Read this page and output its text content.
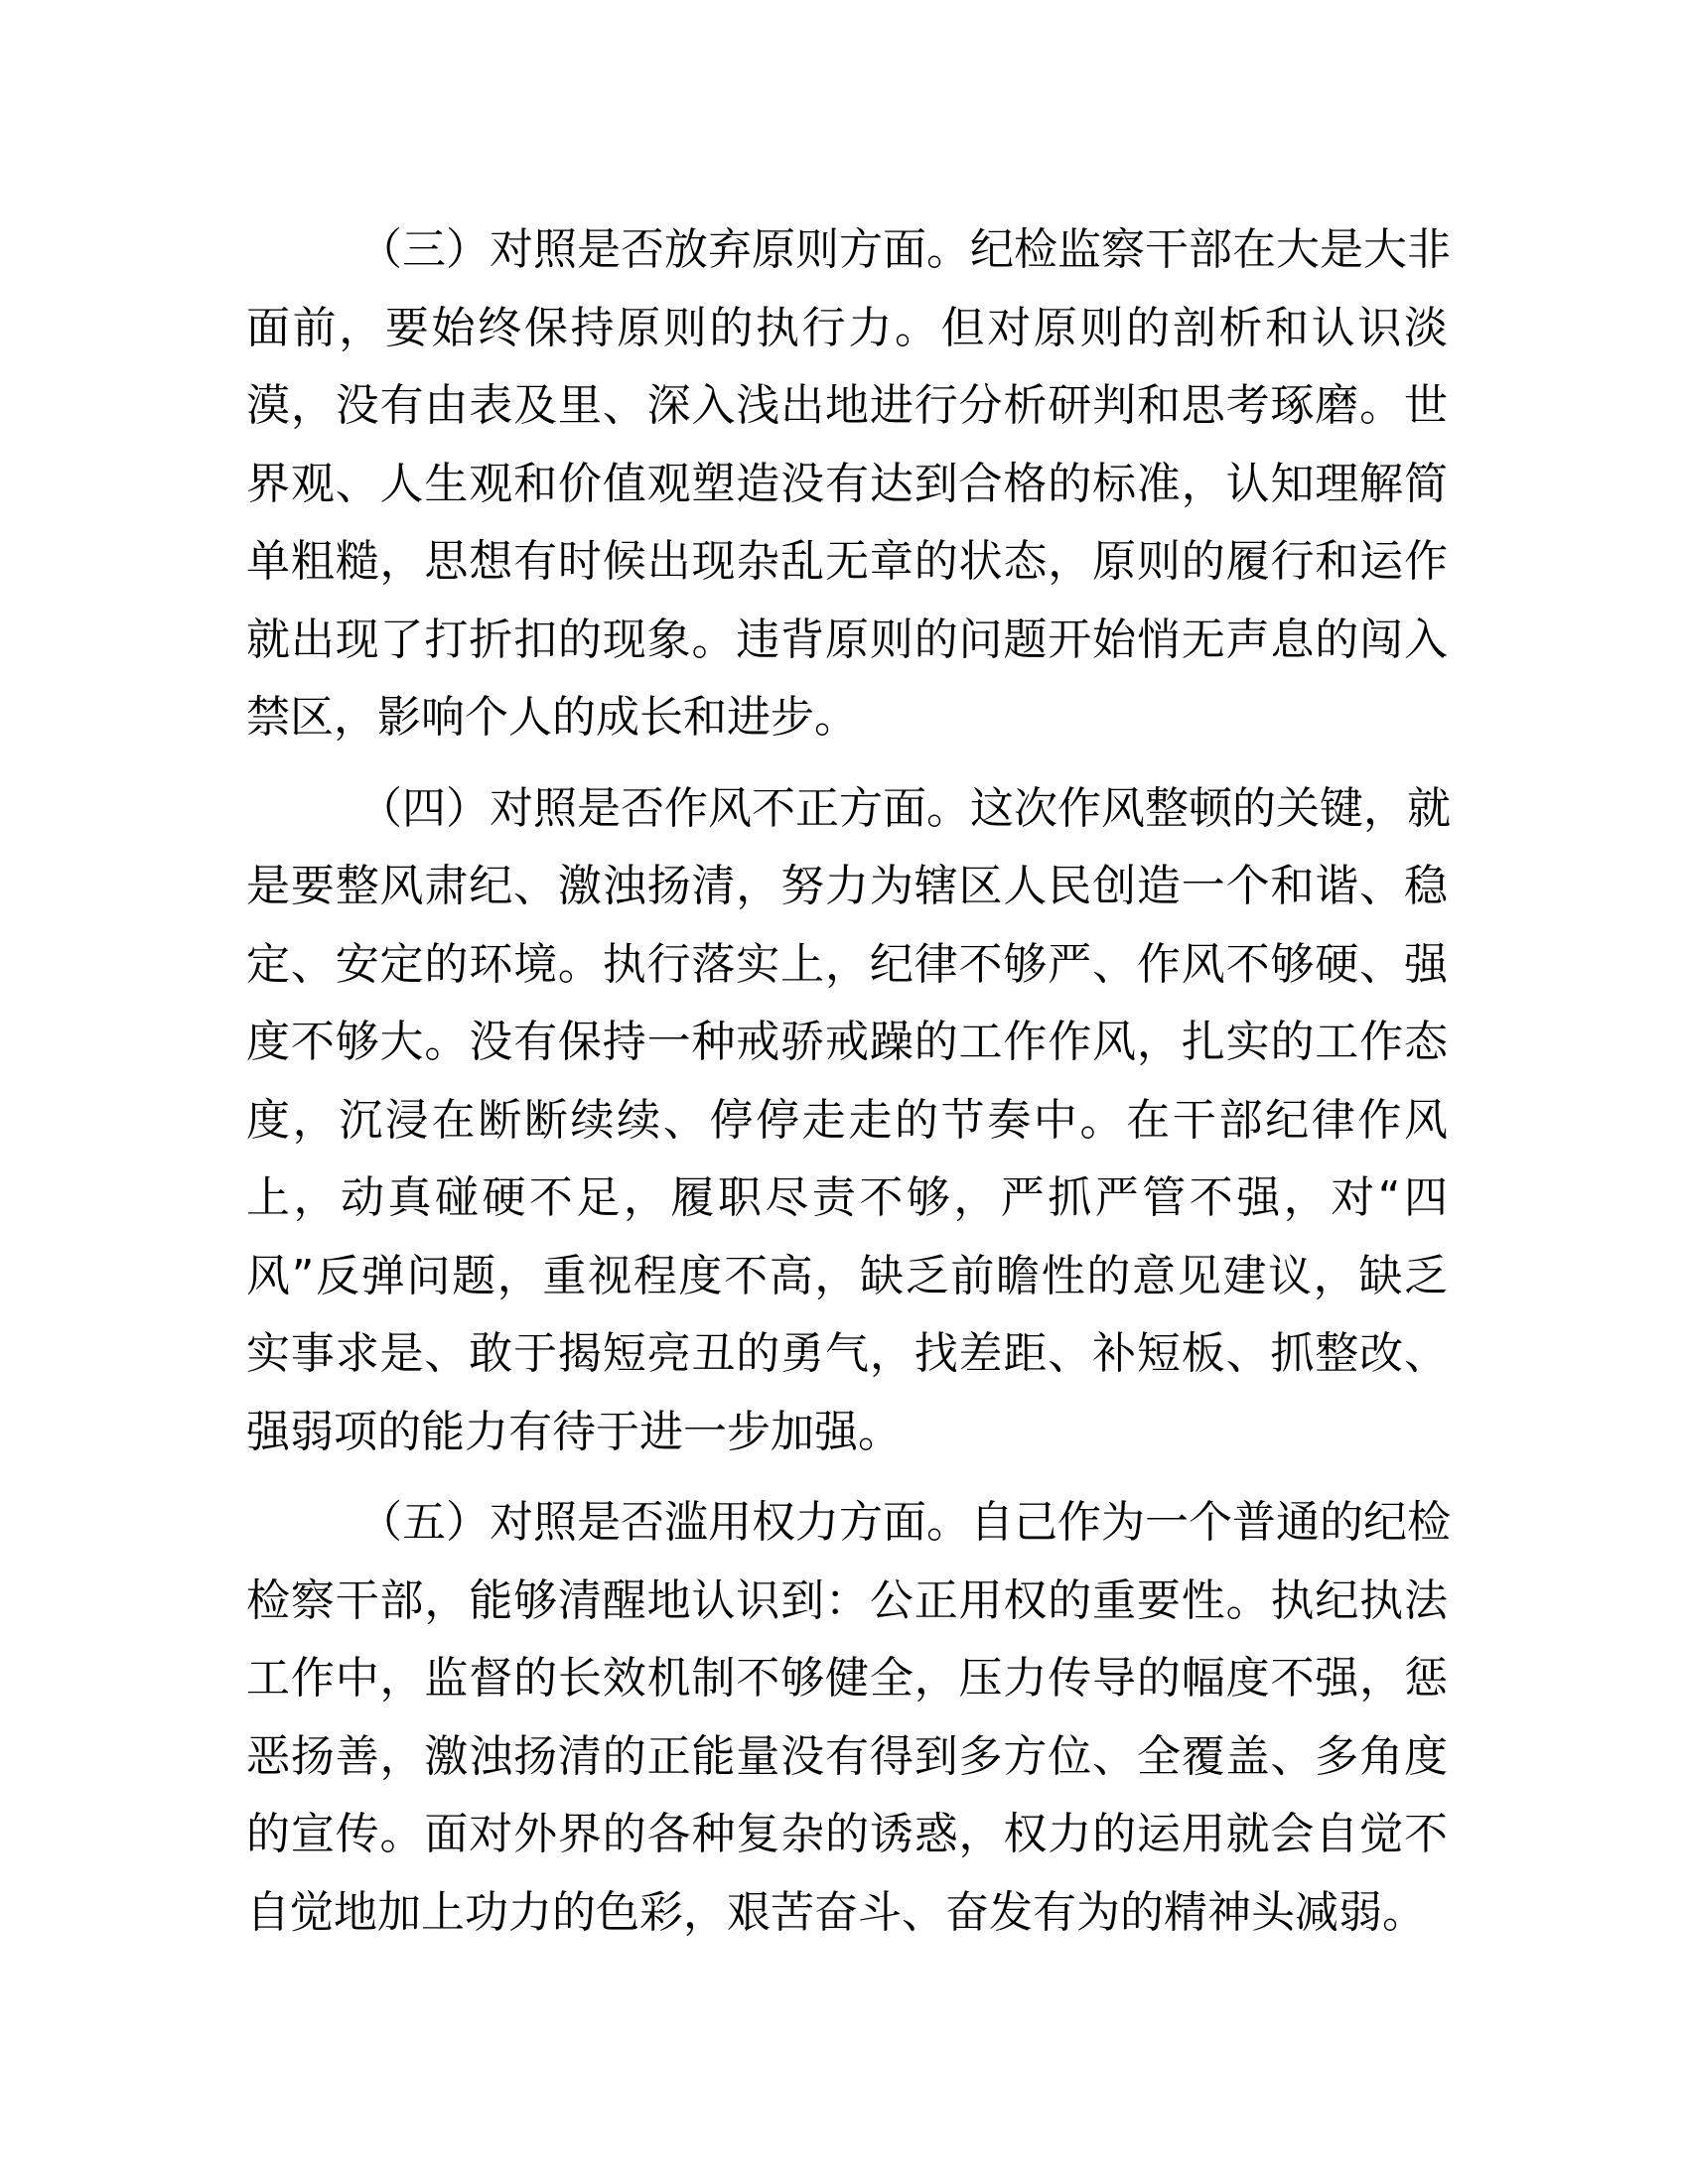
（三）对照是否放弃原则方面。纪检监察干部在大是大非
面前，要始终保持原则的执行力。但对原则的剖析和认识淡
漠，没有由表及里、深入浅出地进行分析研判和思考琢磨。世
界观、人生观和价值观塑造没有达到合格的标准，认知理解简
单粗糙，思想有时候出现杂乱无章的状态，原则的履行和运作
就出现了打折扣的现象。违背原则的问题开始悄无声息的闯入
禁区，影响个人的成长和进步。
（四）对照是否作风不正方面。这次作风整顿的关键，就
是要整风肃纪、激浊扬清，努力为辖区人民创造一个和谐、稳
定、安定的环境。执行落实上，纪律不够严、作风不够硬、强
度不够大。没有保持一种戒骄戒躁的工作作风，扎实的工作态
度，沉浸在断断续续、停停走走的节奏中。在干部纪律作风
上，动真碰硬不足，履职尽责不够，严抓严管不强，对“四
风”反弹问题，重视程度不高，缺乏前瞻性的意见建议，缺乏
实事求是、敢于揭短亮丑的勇气，找差距、补短板、抓整改、
强弱项的能力有待于进一步加强。
（五）对照是否滥用权力方面。自己作为一个普通的纪检
检察干部，能够清醒地认识到：公正用权的重要性。执纪执法
工作中，监督的长效机制不够健全，压力传导的幅度不强，惩
恶扬善，激浊扬清的正能量没有得到多方位、全覆盖、多角度
的宣传。面对外界的各种复杂的诱惑，权力的运用就会自觉不
自觉地加上功力的色彩，艰苦奋斗、奋发有为的精神头减弱。
